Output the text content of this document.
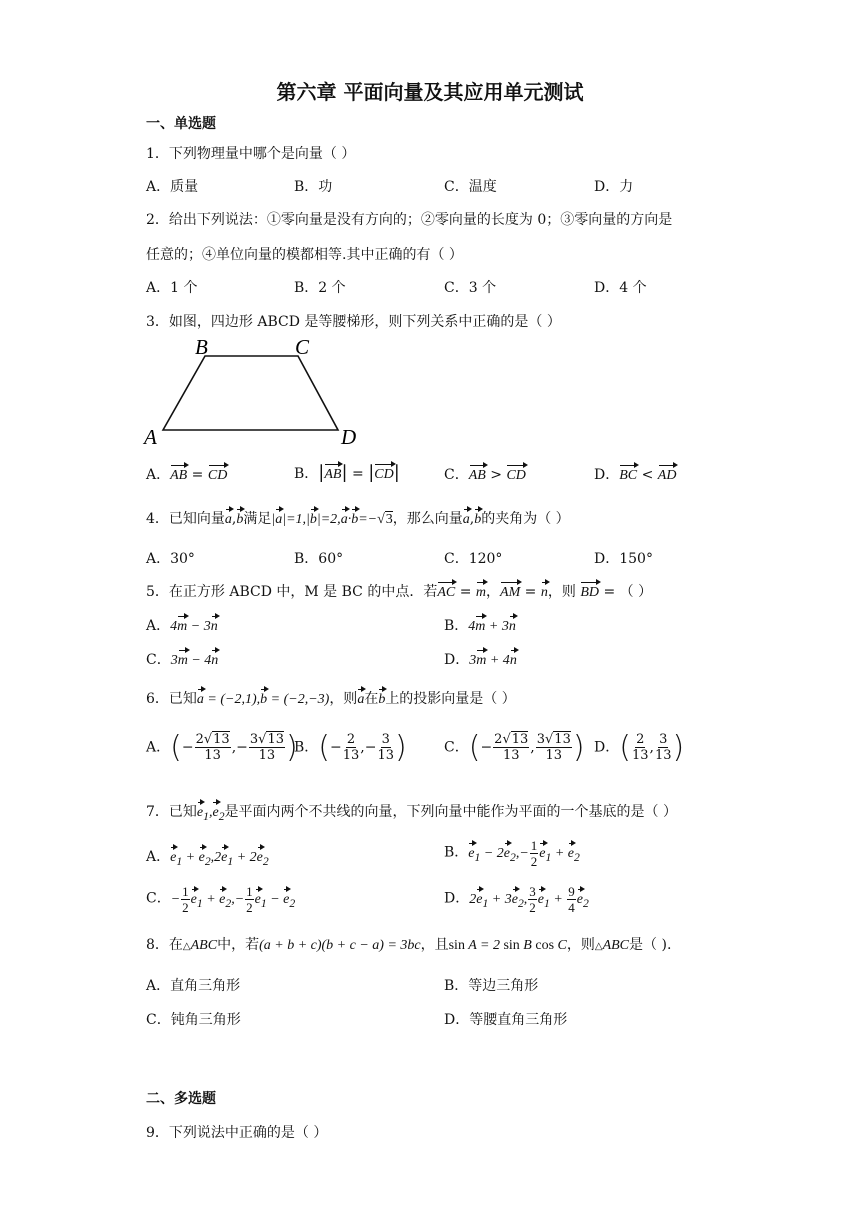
第六章 平面向量及其应用单元测试
一、单选题
1．下列物理量中哪个是向量（ ）
A．质量	B．功	C．温度	D．力
2．给出下列说法：①零向量是没有方向的；②零向量的长度为 0；③零向量的方向是
任意的；④单位向量的模都相等.其中正确的有（ ）
A．1 个	B．2 个	C．3 个	D．4 个
3．如图，四边形 ABCD 是等腰梯形，则下列关系中正确的是（ ）
B	C
A	D
A．AB = CD	B．|AB| = |CD|	C．AB > CD	D．BC < AD
4．已知向量a,b满足|a|=1,|b|=2,a·b=−√3，那么向量a,b的夹角为（ ）
A．30°	B．60°	C．120°	D．150°
5．在正方形 ABCD 中，M 是 BC 的中点．若AC = m，AM = n，则 BD = （ ）
A．4m − 3n	B．4m + 3n
C．3m − 4n	D．3m + 4n
6．已知a = (−2,1),b = (−2,−3)，则a在b上的投影向量是（ ）
A．(− $\frac{2√13}{13}$ ,− $\frac{3√13}{13}$ )
B．(− $\frac{2}{13}$ ,− $\frac{3}{13}$ )	C．(− $\frac{2√13}{13}$ , $\frac{3√13}{13}$ ) D．( $\frac{2}{13}$ , $\frac{3}{13}$ )
7．已知$e_1,e_2$是平面内两个不共线的向量，下列向量中能作为平面的一个基底的是（ ）
A．$e_1 + e_2,2e_1 + 2e_2$
B．$e_1 - 2e_2,- \frac{1}{2} e_1 + e_2$
C．− $\frac{1}{2} e_1 + e_2,- \frac{1}{2} e_1 - e_2$	D．$2e_1 + 3e_2$, $\frac{3}{2} e_1 + \frac{9}{4} e_2$
8．在△ABC中，若(a + b + c)(b + c − a) = 3bc，且sin A = 2 sin B cos C，则△ABC是（ ).
A．直角三角形	B．等边三角形
C．钝角三角形	D．等腰直角三角形
二、多选题
9．下列说法中正确的是（ ）
